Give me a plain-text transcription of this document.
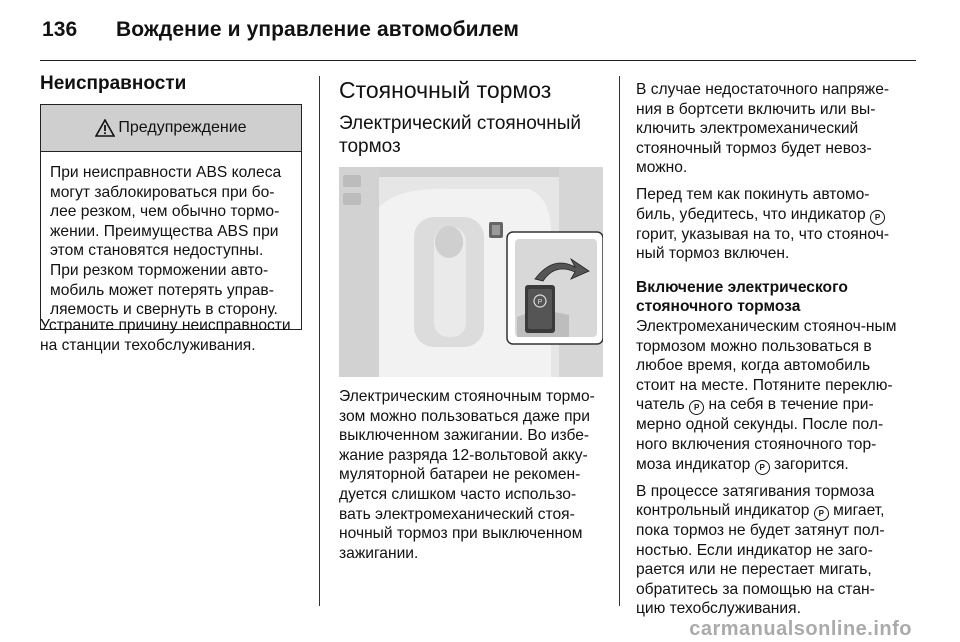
136 Вождение и управление автомобилем
Неисправности
Предупреждение
При неисправности ABS колеса могут заблокироваться при бо-лее резком, чем обычно тормо-жении. Преимущества ABS при этом становятся недоступны. При резком торможении авто-мобиль может потерять управ-ляемость и свернуть в сторону.

Устраните причину неисправности на станции техобслуживания.

Стояночный тормоз
Электрический стояночный тормоз
P

Электрическим стояночным тормо-зом можно пользоваться даже при выключенном зажигании. Во избе-жание разряда 12-вольтовой акку-муляторной батареи не рекомен-дуется слишком часто использо-вать электромеханический стоя-ночный тормоз при выключенном зажигании.

В случае недостаточного напряже-ния в бортсети включить или вы-ключить электромеханический стояночный тормоз будет невоз-можно.

Перед тем как покинуть автомо-биль, убедитесь, что индикатор P горит, указывая на то, что стояноч-ный тормоз включен.

Включение электрического стояночного тормоза

Электромеханическим стояноч-ным тормозом можно пользоваться в любое время, когда автомобиль стоит на месте. Потяните переклю-чатель P на себя в течение при-мерно одной секунды. После пол-ного включения стояночного тор-моза индикатор P загорится.

В процессе затягивания тормоза контрольный индикатор P мигает, пока тормоз не будет затянут пол-ностью. Если индикатор не заго-рается или не перестает мигать, обратитесь за помощью на стан-цию техобслуживания.

carmanualsonline.info
